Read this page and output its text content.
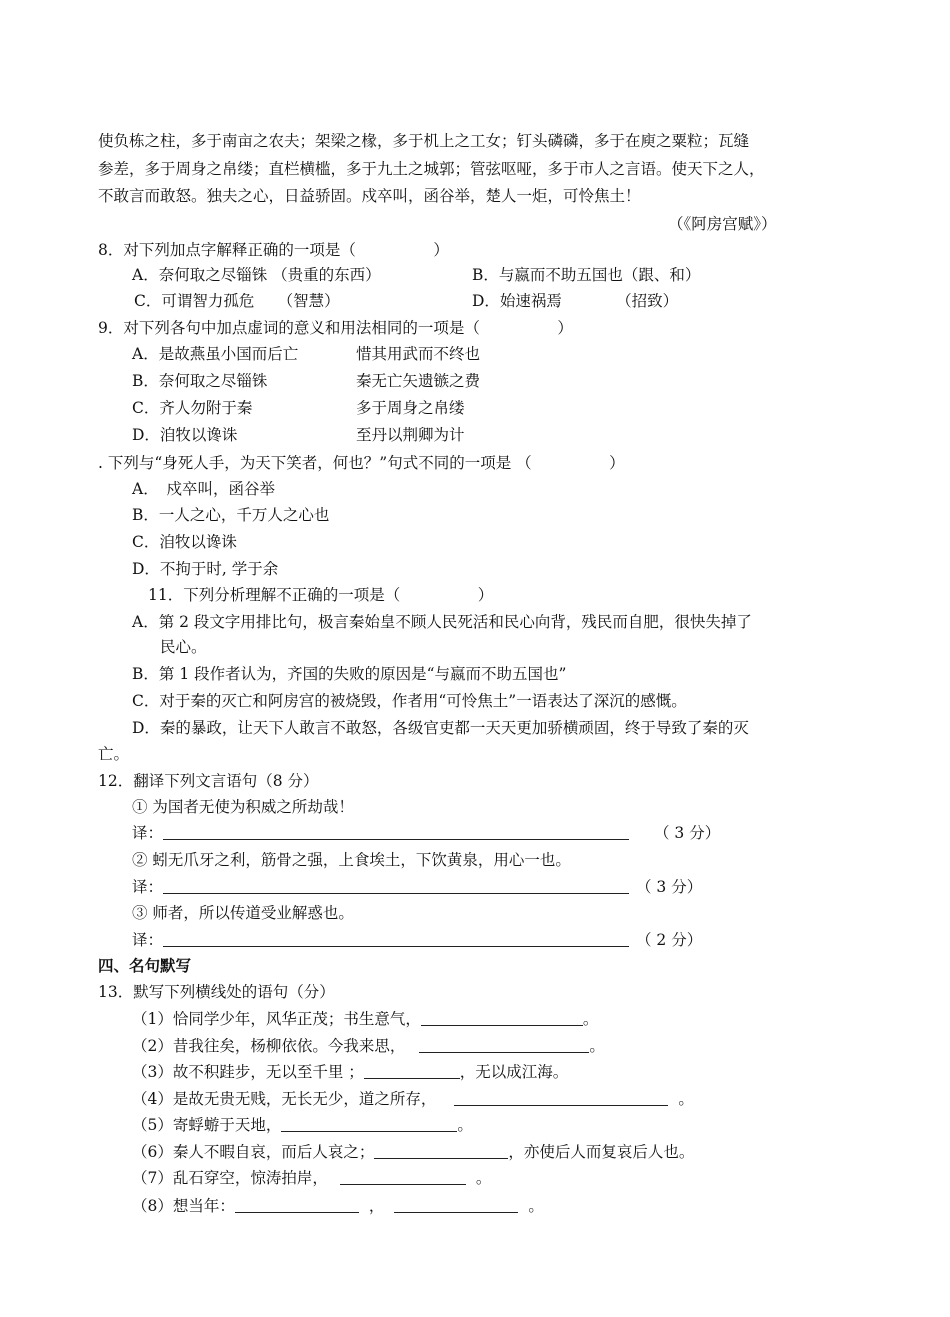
使负栋之柱，多于南亩之农夫；架梁之椽，多于机上之工女；钉头磷磷，多于在庾之粟粒；瓦缝
参差，多于周身之帛缕；直栏横槛，多于九土之城郭；管弦呕哑，多于市人之言语。使天下之人，
不敢言而敢怒。独夫之心，日益骄固。戍卒叫，函谷举，楚人一炬，可怜焦土！
（《阿房宫赋》）
8．对下列加点字解释正确的一项是（　　　　　）
A．奈何取之尽锱铢 （贵重的东西）	B．与嬴而不助五国也（跟、和）
C．可谓智力孤危　　（智慧）	D．始速祸焉　　　　（招致）
9．对下列各句中加点虚词的意义和用法相同的一项是（　　　　　）
A．是故燕虽小国而后亡	惜其用武而不终也
B．奈何取之尽锱铢	秦无亡矢遗镞之费
C．齐人勿附于秦	多于周身之帛缕
D．洎牧以谗诛	至丹以荆卿为计
. 下列与“身死人手，为天下笑者，何也？”句式不同的一项是 （　　　　　）
A．　戍卒叫，函谷举
B．一人之心，千万人之心也
C．洎牧以谗诛
D．不拘于时, 学于余
11．下列分析理解不正确的一项是（　　　　　）
A．第 2 段文字用排比句，极言秦始皇不顾人民死活和民心向背，残民而自肥，很快失掉了
民心。
B．第 1 段作者认为，齐国的失败的原因是“与嬴而不助五国也”
C．对于秦的灭亡和阿房宫的被烧毁，作者用“可怜焦土”一语表达了深沉的感慨。
D．秦的暴政，让天下人敢言不敢怒，各级官吏都一天天更加骄横顽固，终于导致了秦的灭
亡。
12．翻译下列文言语句（8 分）
① 为国者无使为积威之所劫哉！
译：	（ 3 分）
② 蚓无爪牙之利，筋骨之强，上食埃土，下饮黄泉，用心一也。
译：	（ 3 分）
③ 师者，所以传道受业解惑也。
译：	（ 2 分）
四、名句默写
13．默写下列横线处的语句（分）
（1）恰同学少年，风华正茂；书生意气，	。
（2）昔我往矣，杨柳依依。今我来思，	。
（3）故不积跬步，无以至千里 ；	，无以成江海。
（4）是故无贵无贱，无长无少，道之所存，	。
（5）寄蜉蝣于天地，	。
（6）秦人不暇自哀，而后人哀之；	，亦使后人而复哀后人也。
（7）乱石穿空，惊涛拍岸，	。
（8）想当年：	，	。
